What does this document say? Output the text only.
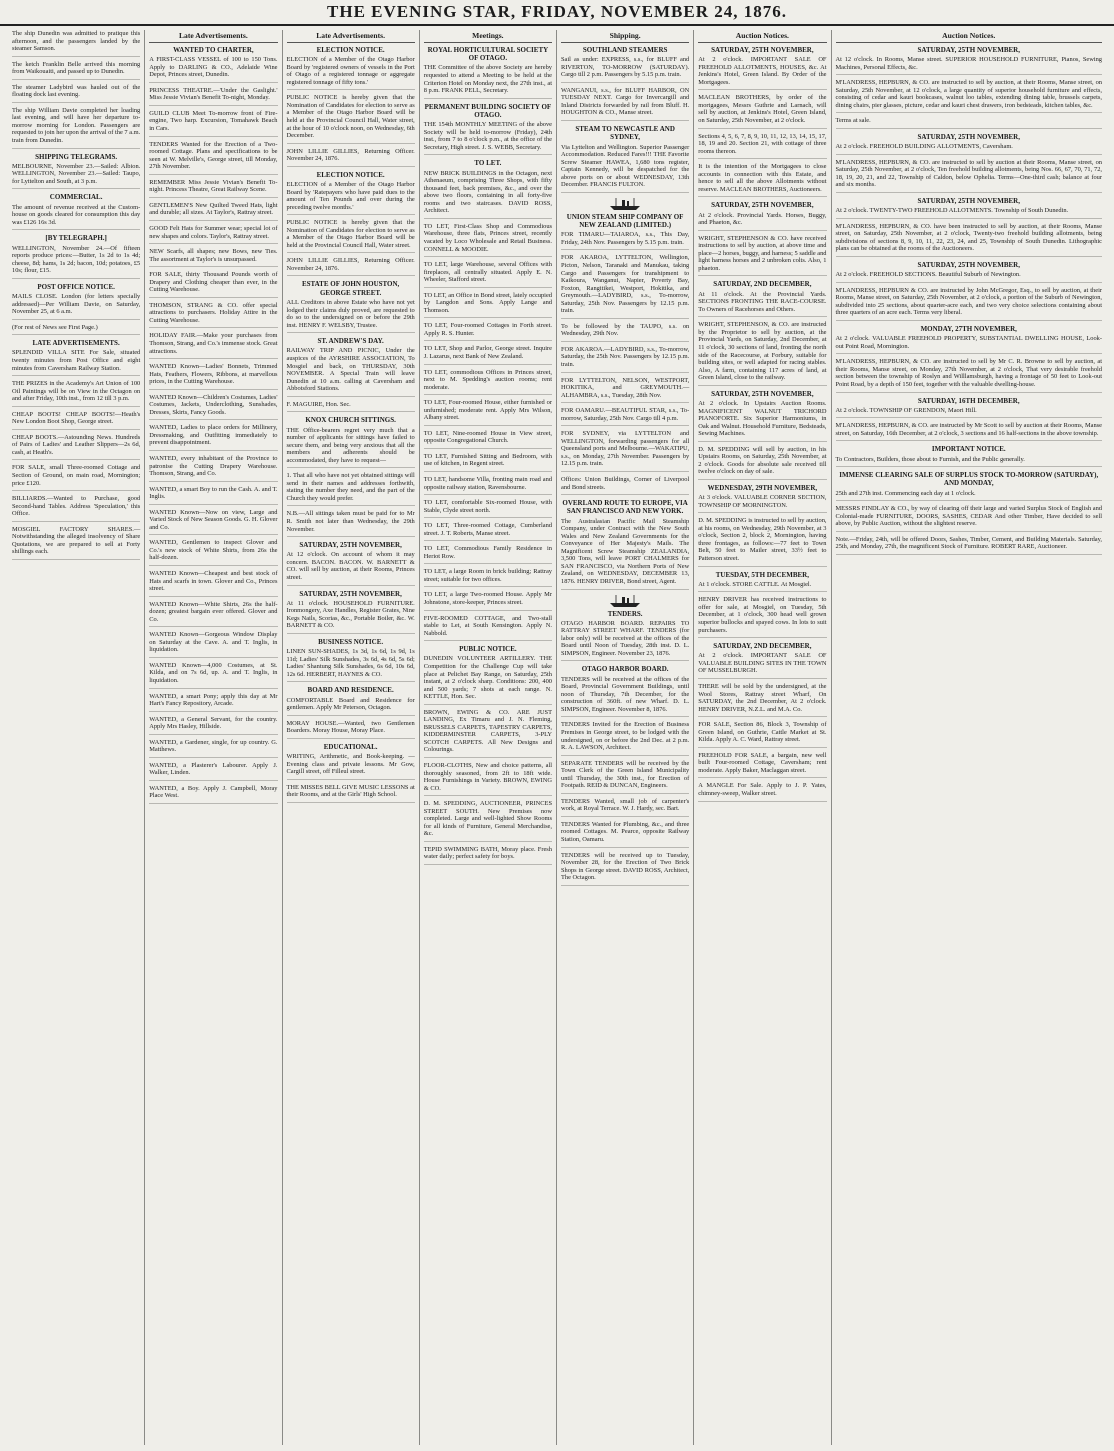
THE EVENING STAR, FRIDAY, NOVEMBER 24, 1876.
The ship Dunedin was admitted to pratique this afternoon, and the passengers landed by the steamer Samson.
The ketch Franklin Belle arrived this morning from Waikouaiti, and passed up to Dunedin.
The steamer Ladybird was hauled out of the floating dock last evening.
The ship William Davie completed her loading last evening, and will have her departure to-morrow morning for London. Passengers are requested to join her upon the arrival of the 7 a.m. train from Dunedin.
SHIPPING TELEGRAMS.
MELBOURNE, November 23.—Sailed: Albion. WELLINGTON, November 23.—Sailed: Taupo, for Lyttelton and South, at 3 p.m.
COMMERCIAL.
The amount of revenue received at the Custom-house on goods cleared for consumption this day was £126 16s 3d.
[BY TELEGRAPH.]
WELLINGTON, November 24.—Of fifteen reports produce prices:—Butter, 1s 2d to 1s 4d; cheese, 8d; hams, 1s 2d; bacon, 10d; potatoes, £5 10s; flour, £15.
POST OFFICE NOTICE.
MAILS CLOSE. London (for letters specially addressed)—Per William Davie, on Saturday, November 25, at 6 a.m.
(For rest of News see First Page.)
LATE ADVERTISEMENTS.
SPLENDID VILLA SITE For Sale, situated twenty minutes from Post Office and eight minutes from Caversham Railway Station.
THE PRIZES in the Academy's Art Union of 100 Oil Paintings will be on View in the Octagon on and after Friday, 10th inst., from 12 till 3 p.m.
CHEAP BOOTS! CHEAP BOOTS!—Heath's New London Boot Shop, George street.
CHEAP BOOTS.—Astounding News. Hundreds of Pairs of Ladies' and Leather Slippers—2s 6d, cash, at Heath's.
FOR SALE, small Three-roomed Cottage and Section of Ground, on main road, Mornington; price £120.
BILLIARDS.—Wanted to Purchase, good Second-hand Tables. Address 'Speculation,' this Office.
MOSGIEL FACTORY SHARES.—Notwithstanding the alleged insolvency of Share Quotations, we are prepared to sell at Forty shillings each.
Late Advertisements.
WANTED TO CHARTER,
A FIRST-CLASS VESSEL of 100 to 150 Tons. Apply to DARLING & CO., Adelaide Wine Depot, Princes street, Dunedin.
PRINCESS THEATRE.—'Under the Gaslight.' Miss Jessie Vivian's Benefit To-night, Monday.
GUILD CLUB Meet To-morrow front of Fire-engine, Two harp. Excursion, Tomahawk Beach in Cars.
TENDERS Wanted for the Erection of a Two-roomed Cottage. Plans and specifications to be seen at W. Melville's, George street, till Monday, 27th November.
REMEMBER Miss Jessie Vivian's Benefit To-night. Princess Theatre, Great Railway Scene.
GENTLEMEN'S New Quilted Tweed Hats, light and durable; all sizes. At Taylor's, Rattray street.
GOOD Felt Hats for Summer wear; special lot of new shapes and colors. Taylor's, Rattray street.
NEW Scarfs, all shapes; new Bows, new Ties. The assortment at Taylor's is unsurpassed.
FOR SALE, thirty Thousand Pounds worth of Drapery and Clothing cheaper than ever, in the Cutting Warehouse.
THOMSON, STRANG & CO. offer special attractions to purchasers. Holiday Attire in the Cutting Warehouse.
HOLIDAY FAIR.—Make your purchases from Thomson, Strang, and Co.'s immense stock. Great attractions.
WANTED Known—Ladies' Bonnets, Trimmed Hats, Feathers, Flowers, Ribbons, at marvellous prices, in the Cutting Warehouse.
WANTED Known—Children's Costumes, Ladies' Costumes, Jackets, Underclothing, Sunshades, Dresses, Skirts, Fancy Goods.
WANTED, Ladies to place orders for Millinery, Dressmaking, and Outfitting immediately to prevent disappointment.
WANTED, every inhabitant of the Province to patronise the Cutting Drapery Warehouse. Thomson, Strang, and Co.
WANTED, a smart Boy to run the Cash. A. and T. Inglis.
WANTED Known—Now on view, Large and Varied Stock of New Season Goods. G. H. Glover and Co.
WANTED, Gentlemen to inspect Glover and Co.'s new stock of White Shirts, from 26s the half-dozen.
WANTED Known—Cheapest and best stock of Hats and scarfs in town. Glover and Co., Princes street.
WANTED Known—White Shirts, 26s the half-dozen; greatest bargain ever offered. Glover and Co.
WANTED Known—Gorgeous Window Display on Saturday at the Cave. A. and T. Inglis, in liquidation.
WANTED Known—4,000 Costumes, at St. Kilda, and on 7s 6d, up. A. and T. Inglis, in liquidation.
WANTED, a smart Pony; apply this day at Mr Hart's Fancy Repository, Arcade.
WANTED, a General Servant, for the country. Apply Mrs Hasley, Hillside.
WANTED, a Gardener, single, for up country. G. Matthews.
WANTED, a Plasterer's Labourer. Apply J. Walker, Linden.
WANTED, a Boy. Apply J. Campbell, Moray Place West.
Late Advertisements.
ELECTION NOTICE.
ELECTION of a Member of the Otago Harbor Board by 'registered owners of vessels in the Port of Otago of a registered tonnage or aggregate registered tonnage of fifty tons.'
PUBLIC NOTICE is hereby given that the Nomination of Candidates for election to serve as a Member of the Otago Harbor Board will be held at the Provincial Council Hall, Water street, at the hour of 10 o'clock noon, on Wednesday, 6th December.
JOHN LILLIE GILLIES, Returning Officer. November 24, 1876.
ELECTION NOTICE.
ELECTION of a Member of the Otago Harbor Board by 'Ratepayers who have paid dues to the amount of Ten Pounds and over during the preceding twelve months.'
PUBLIC NOTICE is hereby given that the Nomination of Candidates for election to serve as a Member of the Otago Harbor Board will be held at the Provincial Council Hall, Water street.
JOHN LILLIE GILLIES, Returning Officer. November 24, 1876.
ESTATE OF JOHN HOUSTON, GEORGE STREET.
ALL Creditors in above Estate who have not yet lodged their claims duly proved, are requested to do so to the undersigned on or before the 29th inst. HENRY F. WELSBY, Trustee.
ST. ANDREW'S DAY.
RAILWAY TRIP AND PICNIC, Under the auspices of the AYRSHIRE ASSOCIATION, To Mosgiel and back, on THURSDAY, 30th NOVEMBER. A Special Train will leave Dunedin at 10 a.m. calling at Caversham and Abbotsford Stations.
F. MAGUIRE, Hon. Sec.
KNOX CHURCH SITTINGS.
THE Office-bearers regret very much that a number of applicants for sittings have failed to secure them, and being very anxious that all the members and adherents should be accommodated, they have to request—
1. That all who have not yet obtained sittings will send in their names and addresses forthwith, stating the number they need, and the part of the Church they would prefer.
N.B.—All sittings taken must be paid for to Mr R. Smith not later than Wednesday, the 29th November.
SATURDAY, 25TH NOVEMBER,
At 12 o'clock. On account of whom it may concern. BACON. BACON. W. BARNETT & CO. will sell by auction, at their Rooms, Princes street.
SATURDAY, 25TH NOVEMBER,
At 11 o'clock. HOUSEHOLD FURNITURE. Ironmongery, Axe Handles, Register Grates, Nine Kegs Nails, Scorias, &c., Portable Boiler, &c. W. BARNETT & CO.
BUSINESS NOTICE.
LINEN SUN-SHADES, 1s 3d, 1s 6d, 1s 9d, 1s 11d; Ladies' Silk Sunshades, 3s 6d, 4s 6d, 5s 6d; Ladies' Shantung Silk Sunshades, 6s 6d, 10s 6d, 12s 6d. HERBERT, HAYNES & CO.
BOARD AND RESIDENCE.
COMFORTABLE Board and Residence for gentlemen. Apply Mr Peterson, Octagon.
MORAY HOUSE.—Wanted, two Gentlemen Boarders. Moray House, Moray Place.
EDUCATIONAL.
WRITING, Arithmetic, and Book-keeping. —Evening class and private lessons. Mr Gow, Cargill street, off Filleul street.
THE MISSES BELL GIVE MUSIC LESSONS at their Rooms, and at the Girls' High School.
Meetings.
ROYAL HORTICULTURAL SOCIETY OF OTAGO.
THE Committee of the above Society are hereby requested to attend a Meeting to be held at the Criterion Hotel on Monday next, the 27th inst., at 8 p.m. FRANK PELL, Secretary.
PERMANENT BUILDING SOCIETY OF OTAGO.
THE 154th MONTHLY MEETING of the above Society will be held to-morrow (Friday), 24th inst., from 7 to 8 o'clock p.m., at the office of the Secretary, High street. J. S. WEBB, Secretary.
TO LET.
NEW BRICK BUILDINGS in the Octagon, next Athenaeum, comprising Three Shops, with fifty thousand feet, back premises, &c., and over the above two floors, containing in all forty-five rooms and two staircases. DAVID ROSS, Architect.
TO LET, First-Class Shop and Commodious Warehouse, three flats, Princes street, recently vacated by Loco Wholesale and Retail Business. CONNELL & MOODIE.
TO LET, large Warehouse, several Offices with fireplaces, all centrally situated. Apply E. N. Wheeler, Stafford street.
TO LET, an Office in Bond street, lately occupied by Langdon and Sons. Apply Lange and Thomson.
TO LET, Four-roomed Cottages in Forth street. Apply R. S. Hunter.
TO LET, Shop and Parlor, George street. Inquire J. Lazarus, next Bank of New Zealand.
TO LET, commodious Offices in Princes street, next to M. Spedding's auction rooms; rent moderate.
TO LET, Four-roomed House, either furnished or unfurnished; moderate rent. Apply Mrs Wilson, Albany street.
TO LET, Nine-roomed House in View street, opposite Congregational Church.
TO LET, Furnished Sitting and Bedroom, with use of kitchen, in Regent street.
TO LET, handsome Villa, fronting main road and opposite railway station, Ravensbourne.
TO LET, comfortable Six-roomed House, with Stable, Clyde street north.
TO LET, Three-roomed Cottage, Cumberland street. J. T. Roberts, Manse street.
TO LET, Commodious Family Residence in Heriot Row.
TO LET, a large Room in brick building; Rattray street; suitable for two offices.
TO LET, a large Two-roomed House. Apply Mr Johnstone, store-keeper, Princes street.
FIVE-ROOMED COTTAGE, and Two-stall stable to Let, at South Kensington. Apply N. Nabbold.
PUBLIC NOTICE.
DUNEDIN VOLUNTEER ARTILLERY. THE Competition for the Challenge Cup will take place at Pelichet Bay Range, on Saturday, 25th instant, at 2 o'clock sharp. Conditions: 200, 400 and 500 yards; 7 shots at each range. N. KETTLE, Hon. Sec.
BROWN, EWING & CO. ARE JUST LANDING, Ex Timaru and J. N. Fleming, BRUSSELS CARPETS, TAPESTRY CARPETS, KIDDERMINSTER CARPETS, 3-PLY SCOTCH CARPETS. All New Designs and Colourings.
FLOOR-CLOTHS, New and choice patterns, all thoroughly seasoned, from 2ft to 18ft wide. House Furnishings in Variety. BROWN, EWING & CO.
D. M. SPEDDING, AUCTIONEER, PRINCES STREET SOUTH. New Premises now completed. Large and well-lighted Show Rooms for all kinds of Furniture, General Merchandise, &c.
TEPID SWIMMING BATH, Moray place. Fresh water daily; perfect safety for boys.
Shipping.
SOUTHLAND STEAMERS
Sail as under: EXPRESS, s.s., for BLUFF and RIVERTON, TO-MORROW (SATURDAY). Cargo till 2 p.m. Passengers by 5.15 p.m. train.
WANGANUI, s.s., for BLUFF HARBOR, ON TUESDAY NEXT. Cargo for Invercargill and Inland Districts forwarded by rail from Bluff. H. HOUGHTON & CO., Manse street.
STEAM TO NEWCASTLE AND SYDNEY,
Via Lyttelton and Wellington. Superior Passenger Accommodation. Reduced Fares!!! THE Favorite Screw Steamer HAWEA, 1,680 tons register, Captain Kennedy, will be despatched for the above ports on or about WEDNESDAY, 13th December. FRANCIS FULTON.
UNION STEAM SHIP COMPANY OF NEW ZEALAND (LIMITED.)
FOR TIMARU—TAIAROA, s.s., This Day, Friday, 24th Nov. Passengers by 5.15 p.m. train.
FOR AKAROA, LYTTELTON, Wellington, Picton, Nelson, Taranaki and Manukau, taking Cargo and Passengers for transhipment to Kaikoura, Wanganui, Napier, Poverty Bay, Foxton, Rangitikei, Westport, Hokitika, and Greymouth.—LADYBIRD, s.s., To-morrow, Saturday, 25th Nov. Passengers by 12.15 p.m. train.
To be followed by the TAUPO, s.s. on Wednesday, 29th Nov.
FOR AKAROA.—LADYBIRD, s.s., To-morrow, Saturday, the 25th Nov. Passengers by 12.15 p.m. train.
FOR LYTTELTON, NELSON, WESTPORT, HOKITIKA, and GREYMOUTH.—ALHAMBRA, s.s., Tuesday, 28th Nov.
FOR OAMARU.—BEAUTIFUL STAR, s.s., To-morrow, Saturday, 25th Nov. Cargo till 4 p.m.
FOR SYDNEY, via LYTTELTON and WELLINGTON, forwarding passengers for all Queensland ports and Melbourne.—WAKATIPU, s.s., on Monday, 27th November. Passengers by 12.15 p.m. train.
Offices: Union Buildings, Corner of Liverpool and Bond streets.
OVERLAND ROUTE TO EUROPE, VIA SAN FRANCISCO AND NEW YORK.
The Australasian Pacific Mail Steamship Company, under Contract with the New South Wales and New Zealand Governments for the Conveyance of Her Majesty's Mails. The Magnificent Screw Steamship ZEALANDIA, 3,500 Tons, will leave PORT CHALMERS for SAN FRANCISCO, via Northern Ports of New Zealand, on WEDNESDAY, DECEMBER 13, 1876. HENRY DRIVER, Bond street, Agent.
TENDERS.
OTAGO HARBOR BOARD. REPAIRS TO RATTRAY STREET WHARF. TENDERS (for labor only) will be received at the offices of the Board until Noon of Tuesday, 28th inst. D. L. SIMPSON, Engineer. November 23, 1876.
OTAGO HARBOR BOARD.
TENDERS will be received at the offices of the Board, Provincial Government Buildings, until noon of Thursday, 7th December, for the construction of 360ft. of new Wharf. D. L. SIMPSON, Engineer. November 8, 1876.
TENDERS Invited for the Erection of Business Premises in George street, to be lodged with the undersigned, on or before the 2nd Dec. at 2 p.m. R. A. LAWSON, Architect.
SEPARATE TENDERS will be received by the Town Clerk of the Green Island Municipality until Thursday, the 30th inst., for Erection of Footpath. REID & DUNCAN, Engineers.
TENDERS Wanted, small job of carpenter's work, at Royal Terrace. W. J. Hardy, sec. Bart.
TENDERS Wanted for Plumbing, &c., and three roomed Cottages. M. Pearce, opposite Railway Station, Oamaru.
TENDERS will be received up to Tuesday, November 28, for the Erection of Two Brick Shops in George street. DAVID ROSS, Architect, The Octagon.
Auction Notices.
SATURDAY, 25TH NOVEMBER,
At 2 o'clock. IMPORTANT SALE OF FREEHOLD ALLOTMENTS, HOUSES, &c. At Jenkins's Hotel, Green Island. By Order of the Mortgagees.
MACLEAN BROTHERS, by order of the mortgagees, Messrs Guthrie and Larnach, will sell by auction, at Jenkins's Hotel, Green Island, on Saturday, 25th November, at 2 o'clock.
Sections 4, 5, 6, 7, 8, 9, 10, 11, 12, 13, 14, 15, 17, 18, 19 and 20. Section 21, with cottage of three rooms thereon.
It is the intention of the Mortgagees to close accounts in connection with this Estate, and hence to sell all the above Allotments without reserve. MACLEAN BROTHERS, Auctioneers.
SATURDAY, 25TH NOVEMBER,
At 2 o'clock. Provincial Yards. Horses, Buggy, and Phaeton, &c.
WRIGHT, STEPHENSON & CO. have received instructions to sell by auction, at above time and place—2 horses, buggy, and harness; 5 saddle and light harness horses and 2 unbroken colts. Also, 1 phaeton.
SATURDAY, 2ND DECEMBER,
At 11 o'clock. At the Provincial Yards. SECTIONS FRONTING THE RACE-COURSE. To Owners of Racehorses and Others.
WRIGHT, STEPHENSON, & CO. are instructed by the Proprietor to sell by auction, at the Provincial Yards, on Saturday, 2nd December, at 11 o'clock, 30 sections of land, fronting the north side of the Racecourse, at Forbury, suitable for building sites, or well adapted for racing stables. Also, A farm, containing 117 acres of land, at Green Island, close to the railway.
SATURDAY, 25TH NOVEMBER,
At 2 o'clock. In Upstairs Auction Rooms. MAGNIFICENT WALNUT TRICHORD PIANOFORTE. Six Superior Harmoniums, in Oak and Walnut. Household Furniture, Bedsteads, Sewing Machines.
D. M. SPEDDING will sell by auction, in his Upstairs Rooms, on Saturday, 25th November, at 2 o'clock. Goods for absolute sale received till twelve o'clock on day of sale.
WEDNESDAY, 29TH NOVEMBER,
At 3 o'clock. VALUABLE CORNER SECTION, TOWNSHIP OF MORNINGTON.
D. M. SPEDDING is instructed to sell by auction, at his rooms, on Wednesday, 29th November, at 3 o'clock, Section 2, block 2, Mornington, having three frontages, as follows:—77 feet to Town Belt, 50 feet to Mailer street, 33½ feet to Patterson street.
TUESDAY, 5TH DECEMBER,
At 1 o'clock. STORE CATTLE. At Mosgiel.
HENRY DRIVER has received instructions to offer for sale, at Mosgiel, on Tuesday, 5th December, at 1 o'clock, 300 head well grown superior bullocks and spayed cows. In lots to suit purchasers.
SATURDAY, 2ND DECEMBER,
At 2 o'clock. IMPORTANT SALE OF VALUABLE BUILDING SITES IN THE TOWN OF MUSSELBURGH.
THERE will be sold by the undersigned, at the Wool Stores, Rattray street Wharf, On SATURDAY, the 2nd December, At 2 o'clock. HENRY DRIVER, N.Z.L. and M.A. Co.
FOR SALE, Section 86, Block 3, Township of Green Island, on Guthrie, Cattle Market at St. Kilda. Apply A. C. Ward, Rattray street.
FREEHOLD FOR SALE, a bargain, new well built Four-roomed Cottage, Caversham; rent moderate. Apply Baker, Maclaggan street.
A MANGLE For Sale. Apply to J. P. Yates, chimney-sweep, Walker street.
Auction Notices.
SATURDAY, 25TH NOVEMBER,
At 12 o'clock. In Rooms, Manse street. SUPERIOR HOUSEHOLD FURNITURE, Pianos, Sewing Machines, Personal Effects, &c.
M'LANDRESS, HEPBURN, & CO. are instructed to sell by auction, at their Rooms, Manse street, on Saturday, 25th November, at 12 o'clock, a large quantity of superior household furniture and effects, consisting of cedar and kauri bookcases, walnut loo tables, extending dining table, brussels carpets, dining chairs, pier glasses, picture, cedar and kauri chest drawers, iron bedsteads, kitchen tables, &c.
Terms at sale.
SATURDAY, 25TH NOVEMBER,
At 2 o'clock. FREEHOLD BUILDING ALLOTMENTS, Caversham.
M'LANDRESS, HEPBURN, & CO. are instructed to sell by auction at their Rooms, Manse street, on Saturday, 25th November, at 2 o'clock, Ten freehold building allotments, being Nos. 66, 67, 70, 71, 72, 18, 19, 20, 21, and 22, Township of Caldon, below Ophelia. Terms—One-third cash; balance at four and six months.
SATURDAY, 25TH NOVEMBER,
At 2 o'clock. TWENTY-TWO FREEHOLD ALLOTMENTS. Township of South Dunedin.
M'LANDRESS, HEPBURN, & CO. have been instructed to sell by auction, at their Rooms, Manse street, on Saturday, 25th November, at 2 o'clock, Twenty-two freehold building allotments, being subdivisions of sections 8, 9, 10, 11, 22, 23, 24, and 25, Township of South Dunedin. Lithographic plans can be obtained at the rooms of the Auctioneers.
SATURDAY, 25TH NOVEMBER,
At 2 o'clock. FREEHOLD SECTIONS. Beautiful Suburb of Newington.
M'LANDRESS, HEPBURN & CO. are instructed by John McGregor, Esq., to sell by auction, at their Rooms, Manse street, on Saturday, 25th November, at 2 o'clock, a portion of the Suburb of Newington, subdivided into 25 sections, about quarter-acre each, and two very choice selections containing about three quarters of an acre each. Terms very liberal.
MONDAY, 27TH NOVEMBER,
At 2 o'clock. VALUABLE FREEHOLD PROPERTY, SUBSTANTIAL DWELLING HOUSE, Look-out Point Road, Mornington.
M'LANDRESS, HEPBURN, & CO. are instructed to sell by Mr C. R. Browne to sell by auction, at their Rooms, Manse street, on Monday, 27th November, at 2 o'clock, That very desirable freehold section between the township of Roslyn and Willlamsburgh, having a frontage of 50 feet to Look-out Point Road, by a depth of 150 feet, together with the valuable dwelling-house.
SATURDAY, 16TH DECEMBER,
At 2 o'clock. TOWNSHIP OF GRENDON, Maori Hill.
M'LANDRESS, HEPBURN, & CO. are instructed by Mr Scott to sell by auction at their Rooms, Manse street, on Saturday, 16th December, at 2 o'clock, 3 sections and 16 half-sections in the above township.
IMPORTANT NOTICE.
To Contractors, Builders, those about to Furnish, and the Public generally.
IMMENSE CLEARING SALE OF SURPLUS STOCK TO-MORROW (SATURDAY), AND MONDAY,
25th and 27th inst. Commencing each day at 1 o'clock.
MESSRS FINDLAY & CO., by way of clearing off their large and varied Surplus Stock of English and Colonial-made FURNITURE, DOORS, SASHES, CEDAR And other Timber, Have decided to sell above, by Public Auction, without the slightest reserve.
Note.—Friday, 24th, will be offered Doors, Sashes, Timber, Cement, and Building Materials. Saturday, 25th, and Monday, 27th, the magnificent Stock of Furniture. ROBERT RARE, Auctioneer.
